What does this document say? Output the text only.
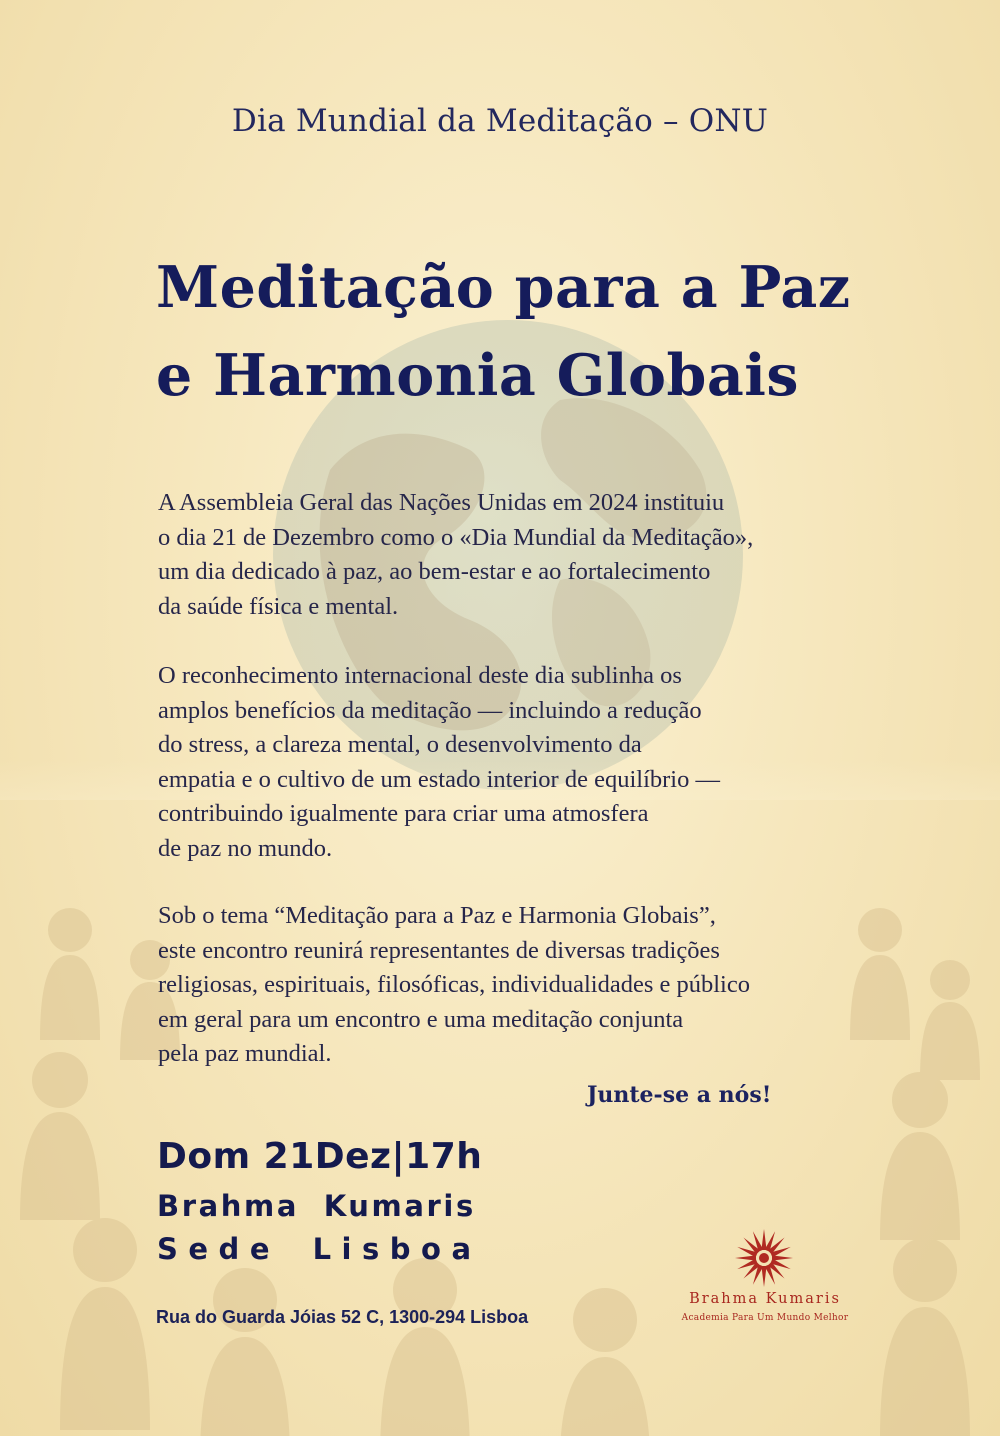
Dia Mundial da Meditação – ONU
Meditação para a Paz
e Harmonia Globais
A Assembleia Geral das Nações Unidas em 2024 instituiu
o dia 21 de Dezembro como o «Dia Mundial da Meditação»,
um dia dedicado à paz, ao bem-estar e ao fortalecimento
da saúde física e mental.
O reconhecimento internacional deste dia sublinha os
amplos benefícios da meditação — incluindo a redução
do stress, a clareza mental, o desenvolvimento da
empatia e o cultivo de um estado interior de equilíbrio —
contribuindo igualmente para criar uma atmosfera
de paz no mundo.
Sob o tema “Meditação para a Paz e Harmonia Globais”,
este encontro reunirá representantes de diversas tradições
religiosas, espirituais, filosóficas, individualidades e público
em geral para um encontro e uma meditação conjunta
pela paz mundial.
Junte-se a nós!
Dom 21Dez|17h
Brahma Kumaris
Sede Lisboa
Rua do Guarda Jóias 52 C, 1300-294 Lisboa
Brahma Kumaris
Academia Para Um Mundo Melhor
